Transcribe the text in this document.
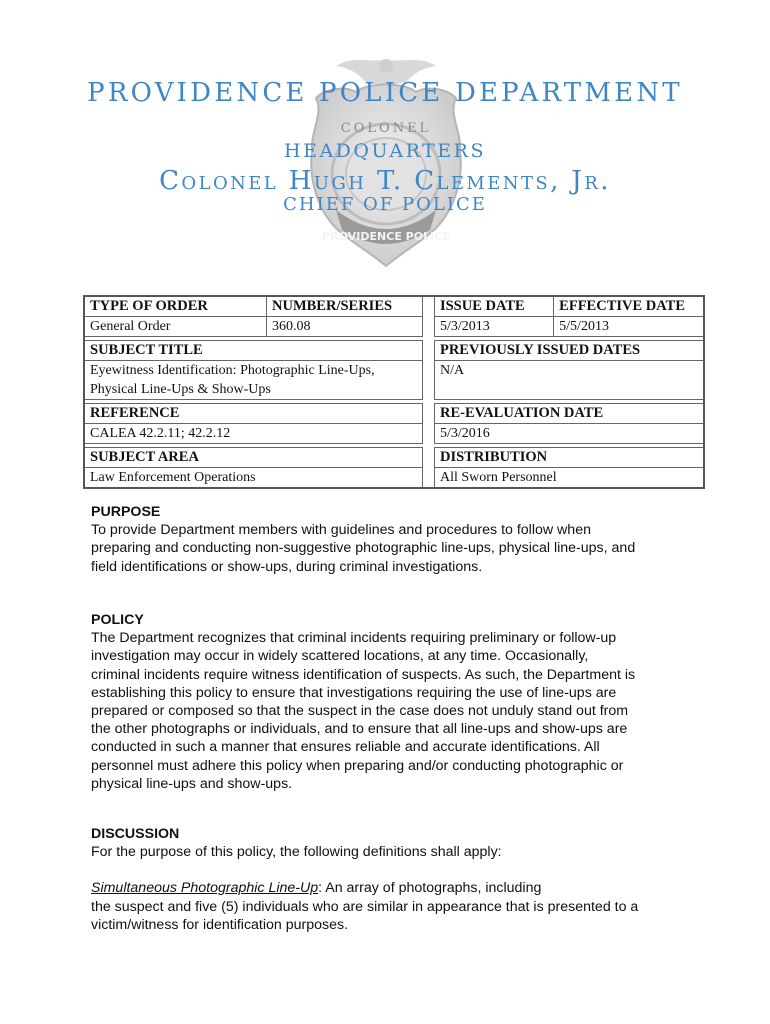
COLONEL
PROVIDENCE POLICE
PROVIDENCE POLICE DEPARTMENT
HEADQUARTERS
Colonel Hugh T. Clements, Jr.
CHIEF OF POLICE
TYPE OF ORDER	NUMBER/SERIES		ISSUE DATE	EFFECTIVE DATE
General Order	360.08		5/3/2013	5/5/2013

SUBJECT TITLE			PREVIOUSLY ISSUED DATES	

Eyewitness Identification: Photographic Line-Ups,
Physical Line-Ups & Show-Ups			N/A	

REFERENCE			RE-EVALUATION DATE	
CALEA 42.2.11; 42.2.12			5/3/2016	

SUBJECT AREA			DISTRIBUTION	
Law Enforcement Operations			All Sworn Personnel	
PURPOSE
To provide Department members with guidelines and procedures to follow when
preparing and conducting non-suggestive photographic line-ups, physical line-ups, and
field identifications or show-ups, during criminal investigations.
POLICY
The Department recognizes that criminal incidents requiring preliminary or follow-up
investigation may occur in widely scattered locations, at any time. Occasionally,
criminal incidents require witness identification of suspects. As such, the Department is
establishing this policy to ensure that investigations requiring the use of line-ups are
prepared or composed so that the suspect in the case does not unduly stand out from
the other photographs or individuals, and to ensure that all line-ups and show-ups are
conducted in such a manner that ensures reliable and accurate identifications. All
personnel must adhere this policy when preparing and/or conducting photographic or
physical line-ups and show-ups.
DISCUSSION
For the purpose of this policy, the following definitions shall apply:
Simultaneous Photographic Line-Up: An array of photographs, including
the suspect and five (5) individuals who are similar in appearance that is presented to a
victim/witness for identification purposes.
